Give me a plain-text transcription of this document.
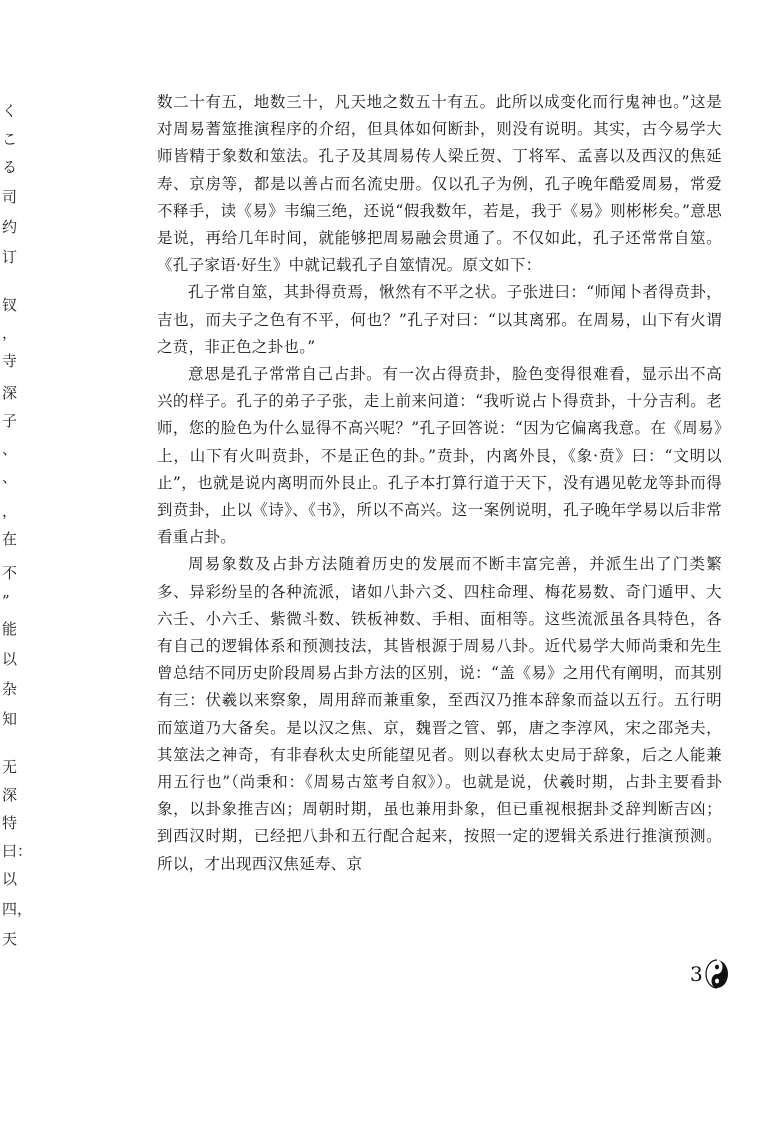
く
こ
る
司
约
订
钗
，
寺
深
子
、
、
，
在
不
”
能
以
杂
知
无
深
特
曰：
以
四，
天

数二十有五，地数三十，凡天地之数五十有五。此所以成变化而行鬼神也。”这是对周易蓍筮推演程序的介绍，但具体如何断卦，则没有说明。其实，古今易学大师皆精于象数和筮法。孔子及其周易传人梁丘贺、丁将军、孟喜以及西汉的焦延寿、京房等，都是以善占而名流史册。仅以孔子为例，孔子晚年酷爱周易，常爱不释手，读《易》韦编三绝，还说“假我数年，若是，我于《易》则彬彬矣。”意思是说，再给几年时间，就能够把周易融会贯通了。不仅如此，孔子还常常自筮。《孔子家语·好生》中就记载孔子自筮情况。原文如下：

孔子常自筮，其卦得贲焉，愀然有不平之状。子张进曰：“师闻卜者得贲卦，吉也，而夫子之色有不平，何也？”孔子对曰：“以其离邪。在周易，山下有火谓之贲，非正色之卦也。”

意思是孔子常常自己占卦。有一次占得贲卦，脸色变得很难看，显示出不高兴的样子。孔子的弟子子张，走上前来问道：“我听说占卜得贲卦，十分吉利。老师，您的脸色为什么显得不高兴呢？”孔子回答说：“因为它偏离我意。在《周易》上，山下有火叫贲卦，不是正色的卦。”贲卦，内离外艮，《象·贲》曰：“文明以止”，也就是说内离明而外艮止。孔子本打算行道于天下，没有遇见乾龙等卦而得到贲卦，止以《诗》、《书》，所以不高兴。这一案例说明，孔子晚年学易以后非常看重占卦。

周易象数及占卦方法随着历史的发展而不断丰富完善，并派生出了门类繁多、异彩纷呈的各种流派，诸如八卦六爻、四柱命理、梅花易数、奇门遁甲、大六壬、小六壬、紫微斗数、铁板神数、手相、面相等。这些流派虽各具特色，各有自己的逻辑体系和预测技法，其皆根源于周易八卦。近代易学大师尚秉和先生曾总结不同历史阶段周易占卦方法的区别，说：“盖《易》之用代有阐明，而其别有三：伏羲以来察象，周用辞而兼重象，至西汉乃推本辞象而益以五行。五行明而筮道乃大备矣。是以汉之焦、京，魏晋之管、郭，唐之李淳风，宋之邵尧夫，其筮法之神奇，有非春秋太史所能望见者。则以春秋太史局于辞象，后之人能兼用五行也”（尚秉和：《周易古筮考自叙》）。也就是说，伏羲时期，占卦主要看卦象，以卦象推吉凶；周朝时期，虽也兼用卦象，但已重视根据卦爻辞判断吉凶；到西汉时期，已经把八卦和五行配合起来，按照一定的逻辑关系进行推演预测。所以，才出现西汉焦延寿、京

3
